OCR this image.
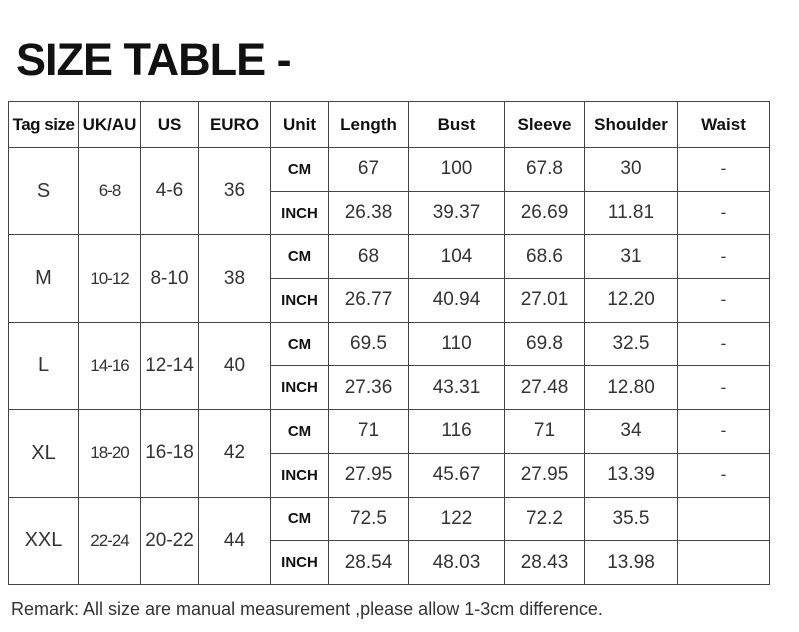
SIZE TABLE -
Tag size	UK/AU	US	EURO	Unit	Length	Bust	Sleeve	Shoulder	Waist
S	6-8	4-6	36	CM	67	100	67.8	30	-
				INCH	26.38	39.37	26.69	11.81	-
M	10-12	8-10	38	CM	68	104	68.6	31	-
				INCH	26.77	40.94	27.01	12.20	-
L	14-16	12-14	40	CM	69.5	110	69.8	32.5	-
				INCH	27.36	43.31	27.48	12.80	-
XL	18-20	16-18	42	CM	71	116	71	34	-
				INCH	27.95	45.67	27.95	13.39	-
XXL	22-24	20-22	44	CM	72.5	122	72.2	35.5	
				INCH	28.54	48.03	28.43	13.98	
Remark: All size are manual measurement ,please allow 1-3cm difference.
